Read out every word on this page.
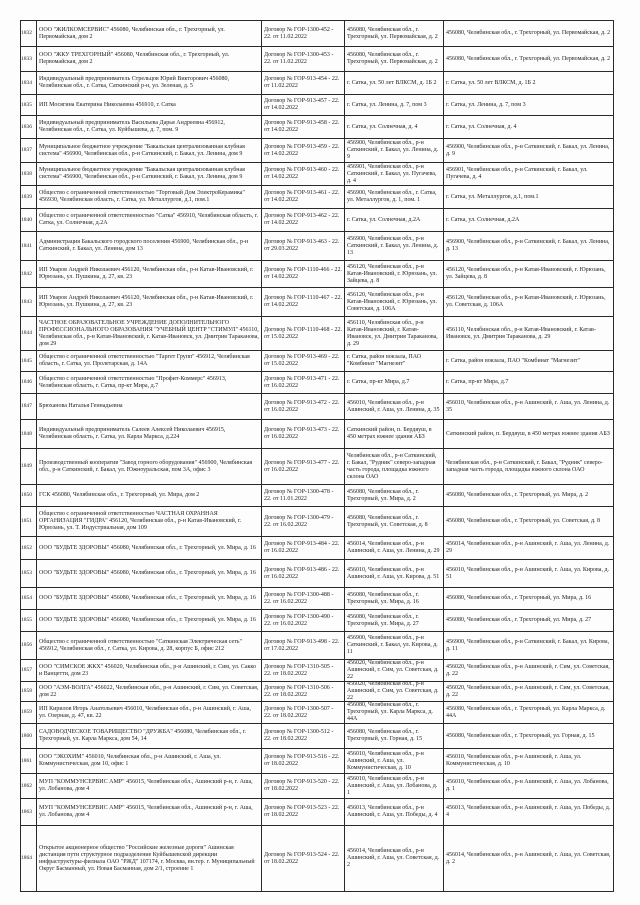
1832
ООО "ЖИЛКОМСЕРВИС" 456080, Челябинская обл., г. Трехгорный, ул. Первомайская, дом 2
Договор № ГОР-1300-452 - 22. от 11.02.2022
456080, Челябинская обл., г. Трехгорный, ул. Первомайская, д. 2
456080, Челябинская обл., г. Трехгорный, ул. Первомайская, д. 2
1833
ООО "ЖКУ ТРЕХГОРНЫЙ" 456080, Челябинская обл., г. Трехгорный, ул. Первомайская, дом 2
Договор № ГОР-1300-453 - 22. от 11.02.2022
456080, Челябинская обл., г. Трехгорный, ул. Первомайская, д. 2
456080, Челябинская обл., г. Трехгорный, ул. Первомайская, д. 2
1834
Индивидуальный предприниматель Стрельцов Юрий Викторович 456080, Челябинская обл., г. Сатка, Саткинский р-н, ул. Зеленая, д. 5
Договор № ГОР-913-454 - 22. от 11.02.2022
г. Сатка, ул. 50 лет ВЛКСМ, д. 1Б 2	г. Сатка, ул. 50 лет ВЛКСМ, д. 1Б 2
1835	ИП Мосягина Екатерина Николаевна 456910, г. Сатка
Договор № ГОР-913-457 - 22. от 14.02.2022
г. Сатка, ул. Ленина, д. 7, пом 3	г. Сатка, ул. Ленина, д. 7, пом 3
1836
Индивидуальный предприниматель Васильева Дарья Андреевна 456912, Челябинская обл., г. Сатка, ул. Куйбышева, д. 7, пом. 9
Договор № ГОР-913-458 - 22. от 14.02.2022
г. Сатка, ул. Солнечная, д. 4	г. Сатка, ул. Солнечная, д. 4
1837
Муниципальное бюджетное учреждение "Бакальская централизованная клубная система" 456900, Челябинская обл., р-н Саткинский, г. Бакал, ул. Ленина, дом 9
Договор № ГОР-913-459 - 22. от 14.02.2022
456900, Челябинская обл., р-н Саткинский, г. Бакал, ул. Ленина, д. 9
456900, Челябинская обл., р-н Саткинский, г. Бакал, ул. Ленина, д. 9
1838
Муниципальное бюджетное учреждение "Бакальская централизованная клубная система" 456900, Челябинская обл., р-н Саткинский, г. Бакал, ул. Ленина, дом 9
Договор № ГОР-913-460 - 22. от 14.02.2022
456901, Челябинская обл., р-н Саткинский, г. Бакал, ул. Пугачева, д. 4
456901, Челябинская обл., р-н Саткинский, г. Бакал, ул. Пугачева, д. 4
1839
Общество с ограниченной ответственностью "Торговый Дом ЭлектроКерамика" 456930, Челябинская область, г. Сатка, ул. Металлургов, д.1, пом.1
Договор № ГОР-913-461 - 22. от 14.02.2022
456900, Челябинская обл., г. Сатка, ул. Металлургов, д. 1, пом. 1
г. Сатка, ул. Металлургов, д.1, пом.1
1840
Общество с ограниченной ответственностью "Сатка" 456910, Челябинская область, г. Сатка, ул. Солнечная, д.2А
Договор № ГОР-913-462 - 22. от 14.02.2022
г. Сатка, ул. Солнечная, д.2А	г. Сатка, ул. Солнечная, д.2А
1841
Администрация Бакальского городского поселения 456900, Челябинская обл., р-н Саткинский, г. Бакал, ул. Ленина, дом 13
Договор № ГОР-913-463 - 22. от 29.03.2022
456900, Челябинская обл., р-н Саткинский, г. Бакал, ул. Ленина, д. 13
456900, Челябинская обл., р-н Саткинский, г. Бакал, ул. Ленина, д. 13
1842
ИП Уваров Андрей Николаевич 456120, Челябинская обл., р-н Катав-Ивановский, г. Юрюзань, ул. Пушкина, д. 27, кв. 23
Договор № ГОР-1110-466 - 22. от 14.02.2022
456120, Челябинская обл., р-н Катав-Ивановский, г. Юрюзань, ул. Зайцева, д. 8
456120, Челябинская обл., р-н Катав-Ивановский, г. Юрюзань, ул. Зайцева, д. 8
1843
ИП Уваров Андрей Николаевич 456120, Челябинская обл., р-н Катав-Ивановский, г. Юрюзань, ул. Пушкина, д. 27, кв. 23
Договор № ГОР-1110-467 - 22. от 14.02.2022
456120, Челябинская обл., р-н Катав-Ивановский, г. Юрюзань, ул. Советская, д. 106А
456120, Челябинская обл., р-н Катав-Ивановский, г. Юрюзань, ул. Советская, д. 106А
1844
ЧАСТНОЕ ОБРАЗОВАТЕЛЬНОЕ УЧРЕЖДЕНИЕ ДОПОЛНИТЕЛЬНОГО ПРОФЕССИОНАЛЬНОГО ОБРАЗОВАНИЯ "УЧЕБНЫЙ ЦЕНТР "СТИМУЛ" 456110, Челябинская обл., р-н Катав-Ивановский, г. Катав-Ивановск, ул. Дмитрия Тараканова, дом 29
Договор № ГОР-1110-468 - 22. от 15.02.2022
456110, Челябинская обл., р-н Катав-Ивановский, г. Катав-Ивановск, ул. Дмитрия Тараканова, д. 29
456110, Челябинская обл., р-н Катав-Ивановский, г. Катав-Ивановск, ул. Дмитрия Тараканова, д. 29
1845
Общество с ограниченной ответственностью "Таргет Групп" 456912, Челябинская область, г. Сатка, ул. Пролетарская, д. 14А
Договор № ГОР-913-469 - 22. от 15.02.2022
г. Сатка, район вокзала, ПАО "Комбинат "Магнезит"
г. Сатка, район вокзала, ПАО "Комбинат "Магнезит"
1846
Общество с ограниченной ответственностью "Профит-Коммерс" 456913, Челябинская область, г. Сатка, пр-кт Мира, д.7
Договор № ГОР-913-471 - 22. от 16.02.2022
г. Сатка, пр-кт Мира, д.7	г. Сатка, пр-кт Мира, д.7
1847	Брюханова Наталья Геннадьевна
Договор № ГОР-913-472 - 22. от 16.02.2022
456010, Челябинская обл., р-н Ашинский, г. Аша, ул. Ленина, д. 35
456010, Челябинская обл., р-н Ашинский, г. Аша, ул. Ленина, д. 35
1848
Индивидуальный предприниматель Салеев Алексей Николаевич 456915, Челябинская область, г. Сатка, ул. Карла Маркса, д.224
Договор № ГОР-913-473 - 22. от 16.02.2022
Саткинский район, п. Бердяуш, в 450 метрах южнее здания АБЗ
Саткинский район, п. Бердяуш, в 450 метрах южнее здания АБЗ
1849
Производственный кооператив "Завод горного оборудования" 456900, Челябинская обл., р-н Саткинский, г. Бакал, ул. Южноуральская, пом 3А, офис 3
Договор № ГОР-913-477 - 22. от 16.02.2022
Челябинская обл., р-н Саткинский, г. Бакал, "Рудник" северо-западная часть города, площадка южного склона ОАО
Челябинская обл., р-н Саткинский, г. Бакал, "Рудник" северо-западная часть города, площадка южного склона ОАО
1850	ГСК 456080, Челябинская обл., г. Трехгорный, ул. Мира, дом 2
Договор № ГОР-1300-478 - 22. от 11.01.2022
456080, Челябинская обл., г. Трехгорный, ул. Мира, д. 2
456080, Челябинская обл., г. Трехгорный, ул. Мира, д. 2
1851
Общество с ограниченной ответственностью ЧАСТНАЯ ОХРАННАЯ ОРГАНИЗАЦИЯ "ГИДРА" 456120, Челябинская обл., р-н Катав-Ивановский, г. Юрюзань, ул. Т. Индустриальная, дом 109
Договор № ГОР-1300-479 - 22. от 16.02.2022
456080, Челябинская обл., г. Трехгорный, ул. Советская, д. 8
456080, Челябинская обл., г. Трехгорный, ул. Советская, д. 8
1852	ООО "БУДЬТЕ ЗДОРОВЫ" 456080, Челябинская обл., г. Трехгорный, ул. Мира, д. 16
Договор № ГОР-913-484 - 22. от 16.02.2022
456014, Челябинская обл., р-н Ашинский, г. Аша, ул. Ленина, д. 29
456014, Челябинская обл., р-н Ашинский, г. Аша, ул. Ленина, д. 29
1853	ООО "БУДЬТЕ ЗДОРОВЫ" 456080, Челябинская обл., г. Трехгорный, ул. Мира, д. 16
Договор № ГОР-913-486 - 22. от 16.02.2022
456010, Челябинская обл., р-н Ашинский, г. Аша, ул. Кирова, д. 51
456010, Челябинская обл., р-н Ашинский, г. Аша, ул. Кирова, д. 51
1854	ООО "БУДЬТЕ ЗДОРОВЫ" 456080, Челябинская обл., г. Трехгорный, ул. Мира, д. 16
Договор № ГОР-1300-488 - 22. от 16.02.2022
456080, Челябинская обл., г. Трехгорный, ул. Мира, д. 16
456080, Челябинская обл., г. Трехгорный, ул. Мира, д. 16
1855	ООО "БУДЬТЕ ЗДОРОВЫ" 456080, Челябинская обл., г. Трехгорный, ул. Мира, д. 16
Договор № ГОР-1300-490 - 22. от 16.02.2022
456080, Челябинская обл., г. Трехгорный, ул. Мира, д. 27
456080, Челябинская обл., г. Трехгорный, ул. Мира, д. 27
1856
Общество с ограниченной ответственностью "Саткинская Электрическая сеть" 456912, Челябинская обл., г. Сатка, ул. Кирова, д. 28, корпус Б, офис 212
Договор № ГОР-913-498 - 22. от 17.02.2022
456900, Челябинская обл., р-н Саткинский, г. Бакал, ул. Кирова, д. 11
456900, Челябинская обл., р-н Саткинский, г. Бакал, ул. Кирова, д. 11
1857
ООО "СИМСКОЕ ЖКХ" 456020, Челябинская обл., р-н Ашинский, г. Сим, ул. Сакко и Ванцетти, дом 23
Договор № ГОР-1310-505 - 22. от 18.02.2022
456020, Челябинская обл., р-н Ашинский, г. Сим, ул. Советская, д. 22
456020, Челябинская обл., р-н Ашинский, г. Сим, ул. Советская, д. 22
1858
ООО "АЭМ-ВОЛГА" 456022, Челябинская обл., р-н Ашинский, г. Сим, ул. Советская, дом 22
Договор № ГОР-1310-506 - 22. от 18.02.2022
456020, Челябинская обл., р-н Ашинский, г. Сим, ул. Советская, д. 22
456020, Челябинская обл., р-н Ашинский, г. Сим, ул. Советская, д. 22
1859
ИП Кирилов Игорь Анатольевич 456010, Челябинская обл., р-н Ашинский, г. Аша, ул. Озерная, д. 47, кв. 22
Договор № ГОР-1300-507 - 22. от 18.02.2022
456080, Челябинская обл., г. Трехгорный, ул. Карла Маркса, д. 44А
456080, Челябинская обл., г. Трехгорный, ул. Карла Маркса, д. 44А
1860
САДОВОДЧЕСКОЕ ТОВАРИЩЕСТВО "ДРУЖБА" 456080, Челябинская обл., г. Трехгорный, ул. Карла Маркса, дом 54, 14
Договор № ГОР-1300-512 - 22. от 18.02.2022
456080, Челябинская обл., г. Трехгорный, ул. Горная, д. 15
456080, Челябинская обл., г. Трехгорный, ул. Горная, д. 15
1861
ООО "ЭКОХИМ" 456010, Челябинская обл., р-н Ашинский, г. Аша, ул. Коммунистическая, дом 10, офис 1
Договор № ГОР-913-516 - 22. от 18.02.2022
456010, Челябинская обл., р-н Ашинский, г. Аша, ул. Коммунистическая, д. 10
456010, Челябинская обл., р-н Ашинский, г. Аша, ул. Коммунистическая, д. 10
1862
МУП "КОММУНСЕРВИС АМР" 456015, Челябинская обл., Ашинский р-н, г. Аша, ул. Лобанова, дом 4
Договор № ГОР-913-520 - 22. от 18.02.2022
456010, Челябинская обл., р-н Ашинский, г. Аша, ул. Лобанова, д. 1
456010, Челябинская обл., р-н Ашинский, г. Аша, ул. Лобанова, д. 1
1863
МУП "КОММУНСЕРВИС АМР" 456015, Челябинская обл., Ашинский р-н, г. Аша, ул. Лобанова, дом 4
Договор № ГОР-913-523 - 22. от 18.02.2022
456013, Челябинская обл., р-н Ашинский, г. Аша, ул. Победы, д. 4
456013, Челябинская обл., р-н Ашинский, г. Аша, ул. Победы, д. 4
1864
Открытое акционерное общество "Российские железные дороги" Ашинская дистанция пути структурное подразделение Куйбышевской дирекции инфраструктуры-филиала ОАО "РЖД" 107174, г. Москва, вн.тер. г. Муниципальный Округ Басманный, ул. Новая Басманная, дом 2/1, строение 1
Договор № ГОР-913-524 - 22. от 18.02.2022
456014, Челябинская обл., р-н Ашинский, г. Аша, ул. Советская, д. 2
456014, Челябинская обл., р-н Ашинский, г. Аша, ул. Советская, д. 2
